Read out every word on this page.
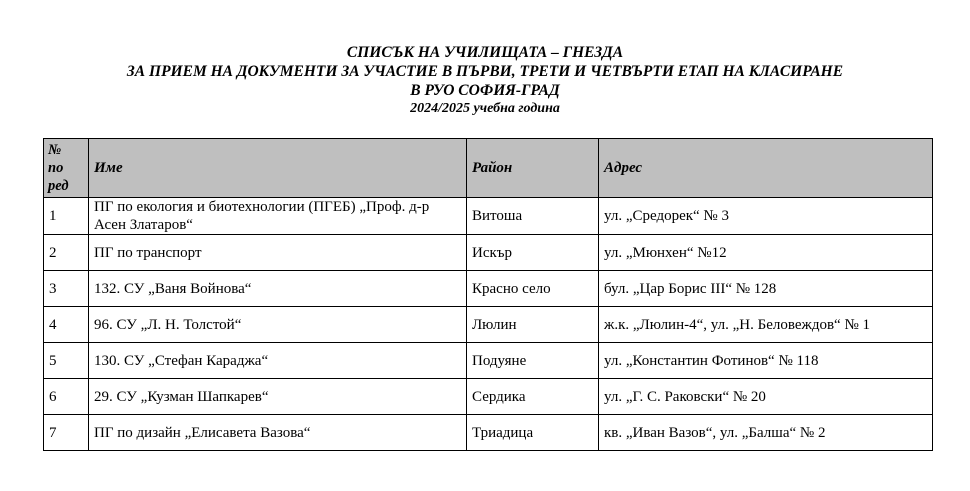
СПИСЪК НА УЧИЛИЩАТА – ГНЕЗДА
ЗА ПРИЕМ НА ДОКУМЕНТИ ЗА УЧАСТИЕ В ПЪРВИ, ТРЕТИ И ЧЕТВЪРТИ ЕТАП НА КЛАСИРАНЕ
В РУО СОФИЯ-ГРАД
2024/2025 учебна година
№
по
ред	Име	Район	Адрес
1	ПГ по екология и биотехнологии (ПГЕБ) „Проф. д-р Асен Златаров“	Витоша	ул. „Средорек“ № 3
2	ПГ по транспорт	Искър	ул. „Мюнхен“ №12
3	132. СУ „Ваня Войнова“	Красно село	бул. „Цар Борис III“ № 128
4	96. СУ „Л. Н. Толстой“	Люлин	ж.к. „Люлин-4“, ул. „Н. Беловеждов“ № 1
5	130. СУ „Стефан Караджа“	Подуяне	ул. „Константин Фотинов“ № 118
6	29. СУ „Кузман Шапкарев“	Сердика	ул. „Г. С. Раковски“ № 20
7	ПГ по дизайн „Елисавета Вазова“	Триадица	кв. „Иван Вазов“, ул. „Балша“ № 2
